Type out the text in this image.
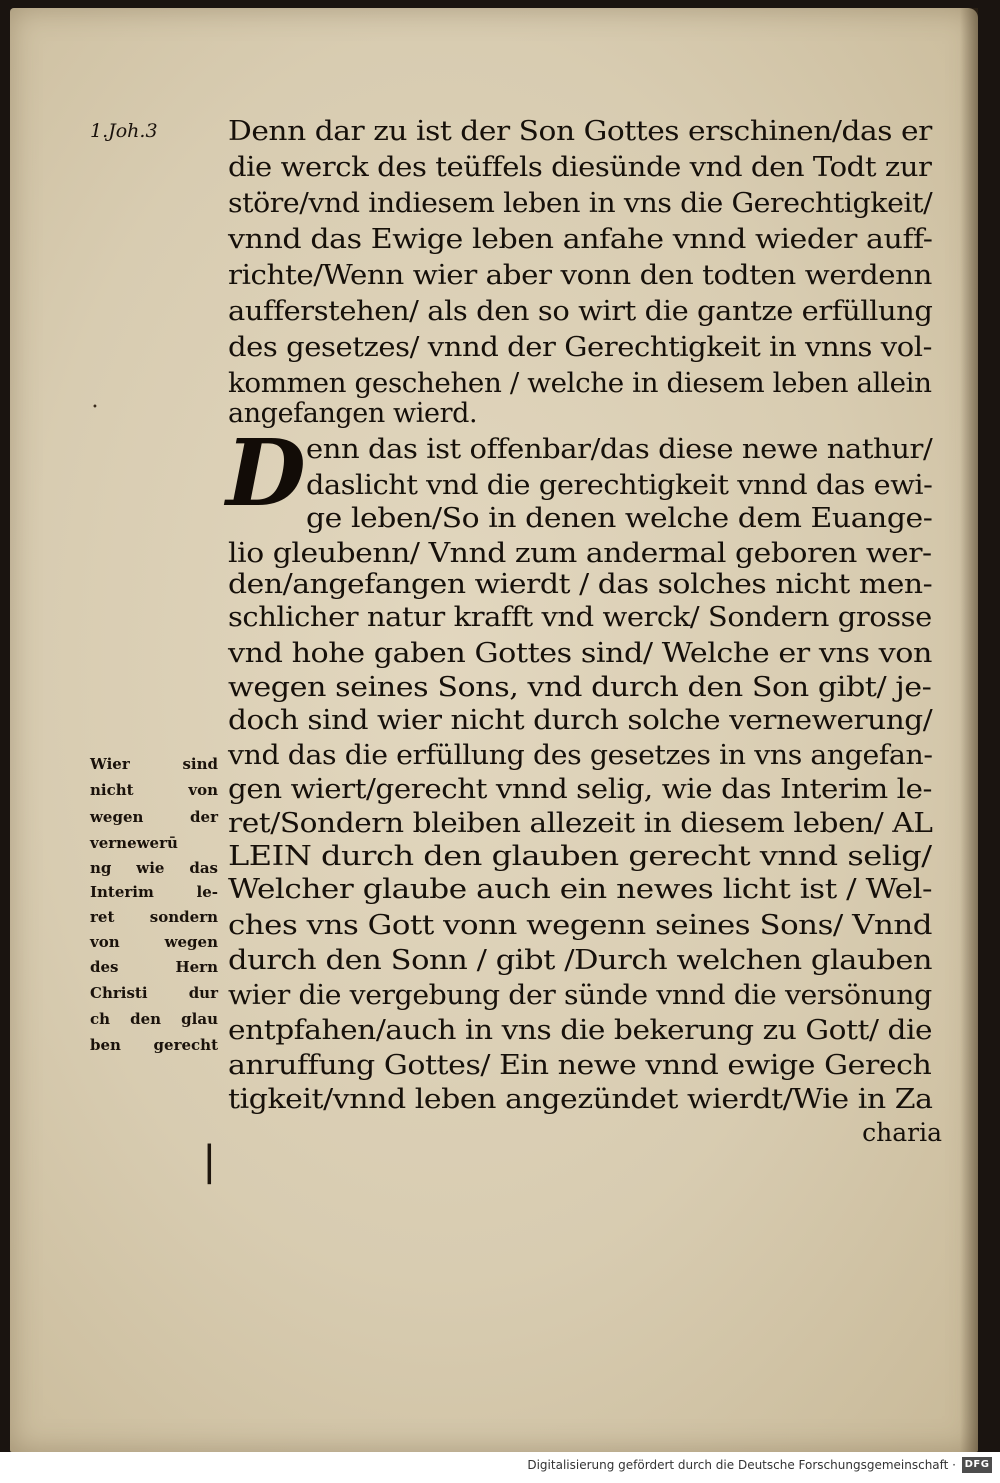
1.Joh.3
•
Denn dar zu ist der Son Gottes erschinen/das er
die werck des teüffels diesünde vnd den Todt zur
störe/vnd indiesem leben in vns die Gerechtigkeit/
vnnd das Ewige leben anfahe vnnd wieder auff-
richte/Wenn wier aber vonn den todten werdenn
aufferstehen/ als den so wirt die gantze erfüllung
des gesetzes/ vnnd der Gerechtigkeit in vnns vol-
kommen geschehen / welche in diesem leben allein
angefangen wierd.
D enn das ist offenbar/das diese newe nathur/
daslicht vnd die gerechtigkeit vnnd das ewi-
ge leben/So in denen welche dem Euange-
lio gleubenn/ Vnnd zum andermal geboren wer-
den/angefangen wierdt / das solches nicht men-
schlicher natur krafft vnd werck/ Sondern grosse
vnd hohe gaben Gottes sind/ Welche er vns von
wegen seines Sons, vnd durch den Son gibt/ je-
doch sind wier nicht durch solche vernewerung/
vnd das die erfüllung des gesetzes in vns angefan-
gen wiert/gerecht vnnd selig, wie das Interim le-
ret/Sondern bleiben allezeit in diesem leben/ AL
LEIN durch den glauben gerecht vnnd selig/
Welcher glaube auch ein newes licht ist / Wel-
ches vns Gott vonn wegenn seines Sons/ Vnnd
durch den Sonn / gibt /Durch welchen glauben
wier die vergebung der sünde vnnd die versönung
entpfahen/auch in vns die bekerung zu Gott/ die
anruffung Gottes/ Ein newe vnnd ewige Gerech
tigkeit/vnnd leben angezündet wierdt/Wie in Za
charia
Wier sind
nicht von
wegen der
vernewerū
ng wie das
Interim le-
ret sondern
von wegen
des Hern
Christi dur
ch den glau
ben gerecht
∣
Digitalisierung gefördert durch die Deutsche Forschungsgemeinschaft · DFG
